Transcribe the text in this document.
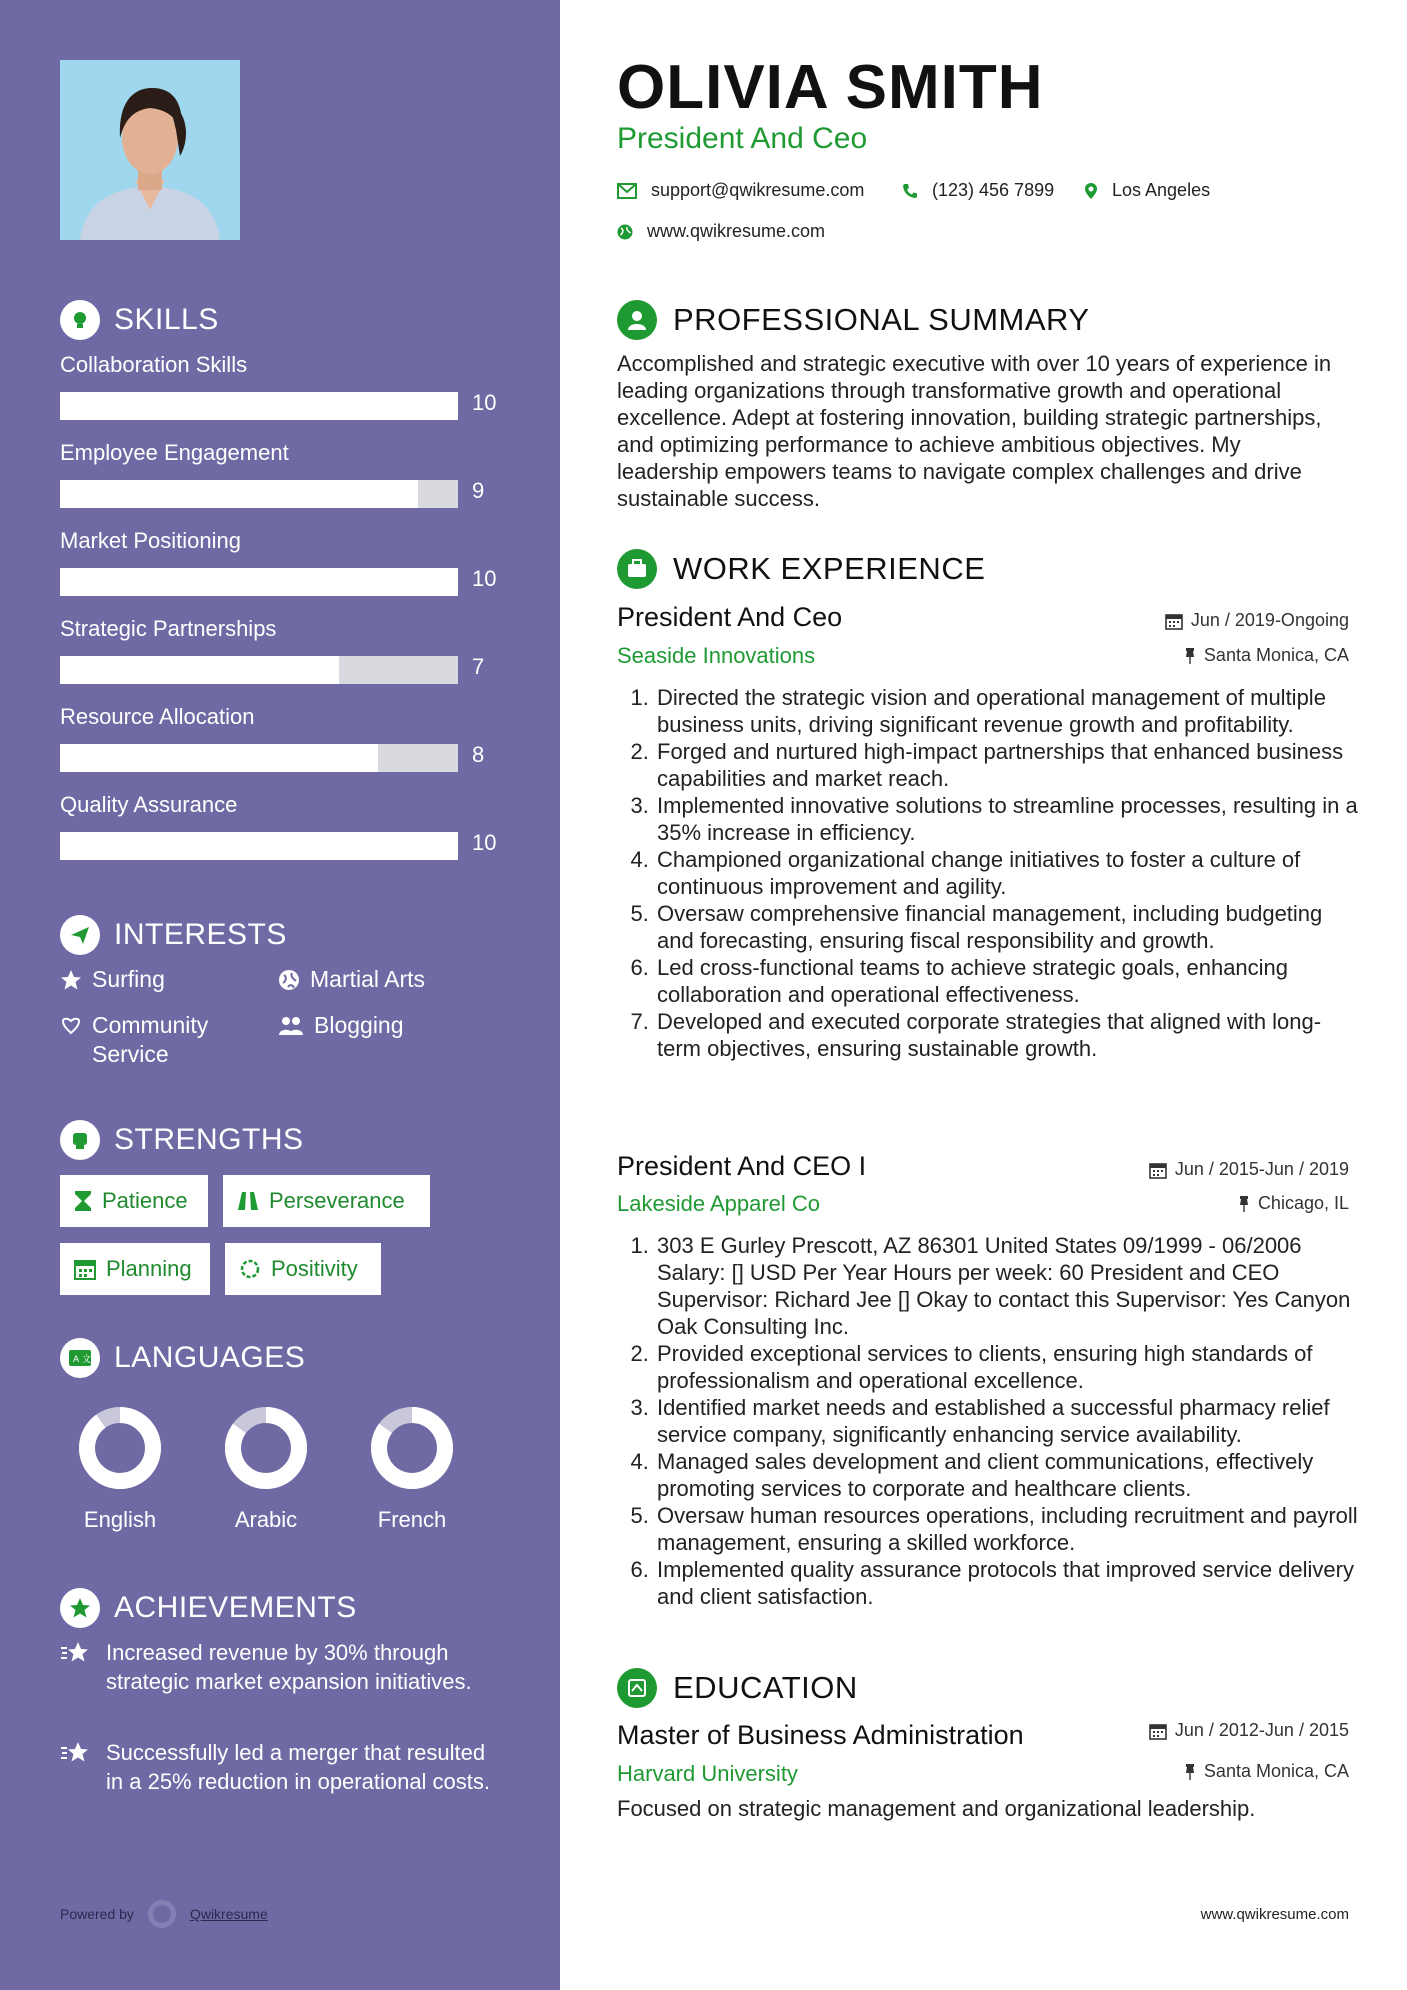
SKILLS
Collaboration Skills
10
Employee Engagement
9
Market Positioning
10
Strategic Partnerships
7
Resource Allocation
8
Quality Assurance
10
INTERESTS
Surfing	Martial Arts
Community Service
Blogging
STRENGTHS
Patience	Perseverance
Planning	Positivity
A 文 LANGUAGES
English	Arabic	French
ACHIEVEMENTS
Increased revenue by 30% through strategic market expansion initiatives.
Successfully led a merger that resulted in a 25% reduction in operational costs.
Powered by	Qwikresume
OLIVIA SMITH
President And Ceo
support@qwikresume.com	(123) 456 7899	Los Angeles
www.qwikresume.com
PROFESSIONAL SUMMARY

Accomplished and strategic executive with over 10 years of experience in leading organizations through transformative growth and operational excellence. Adept at fostering innovation, building strategic partnerships, and optimizing performance to achieve ambitious objectives. My leadership empowers teams to navigate complex challenges and drive sustainable success.

WORK EXPERIENCE
President And Ceo
Seaside Innovations
Jun / 2019-Ongoing
Santa Monica, CA
1. Directed the strategic vision and operational management of multiple business units, driving significant revenue growth and profitability.
2. Forged and nurtured high-impact partnerships that enhanced business capabilities and market reach.
3. Implemented innovative solutions to streamline processes, resulting in a 35% increase in efficiency.
4. Championed organizational change initiatives to foster a culture of continuous improvement and agility.
5. Oversaw comprehensive financial management, including budgeting and forecasting, ensuring fiscal responsibility and growth.
6. Led cross-functional teams to achieve strategic goals, enhancing collaboration and operational effectiveness.
7. Developed and executed corporate strategies that aligned with long-term objectives, ensuring sustainable growth.
President And CEO I
Lakeside Apparel Co
Jun / 2015-Jun / 2019
Chicago, IL
1. 303 E Gurley Prescott, AZ 86301 United States 09/1999 - 06/2006 Salary: [] USD Per Year Hours per week: 60 President and CEO Supervisor: Richard Jee [] Okay to contact this Supervisor: Yes Canyon Oak Consulting Inc.
2. Provided exceptional services to clients, ensuring high standards of professionalism and operational excellence.
3. Identified market needs and established a successful pharmacy relief service company, significantly enhancing service availability.
4. Managed sales development and client communications, effectively promoting services to corporate and healthcare clients.
5. Oversaw human resources operations, including recruitment and payroll management, ensuring a skilled workforce.
6. Implemented quality assurance protocols that improved service delivery and client satisfaction.
EDUCATION
Master of Business Administration
Harvard University
Jun / 2012-Jun / 2015
Santa Monica, CA
Focused on strategic management and organizational leadership.
www.qwikresume.com
